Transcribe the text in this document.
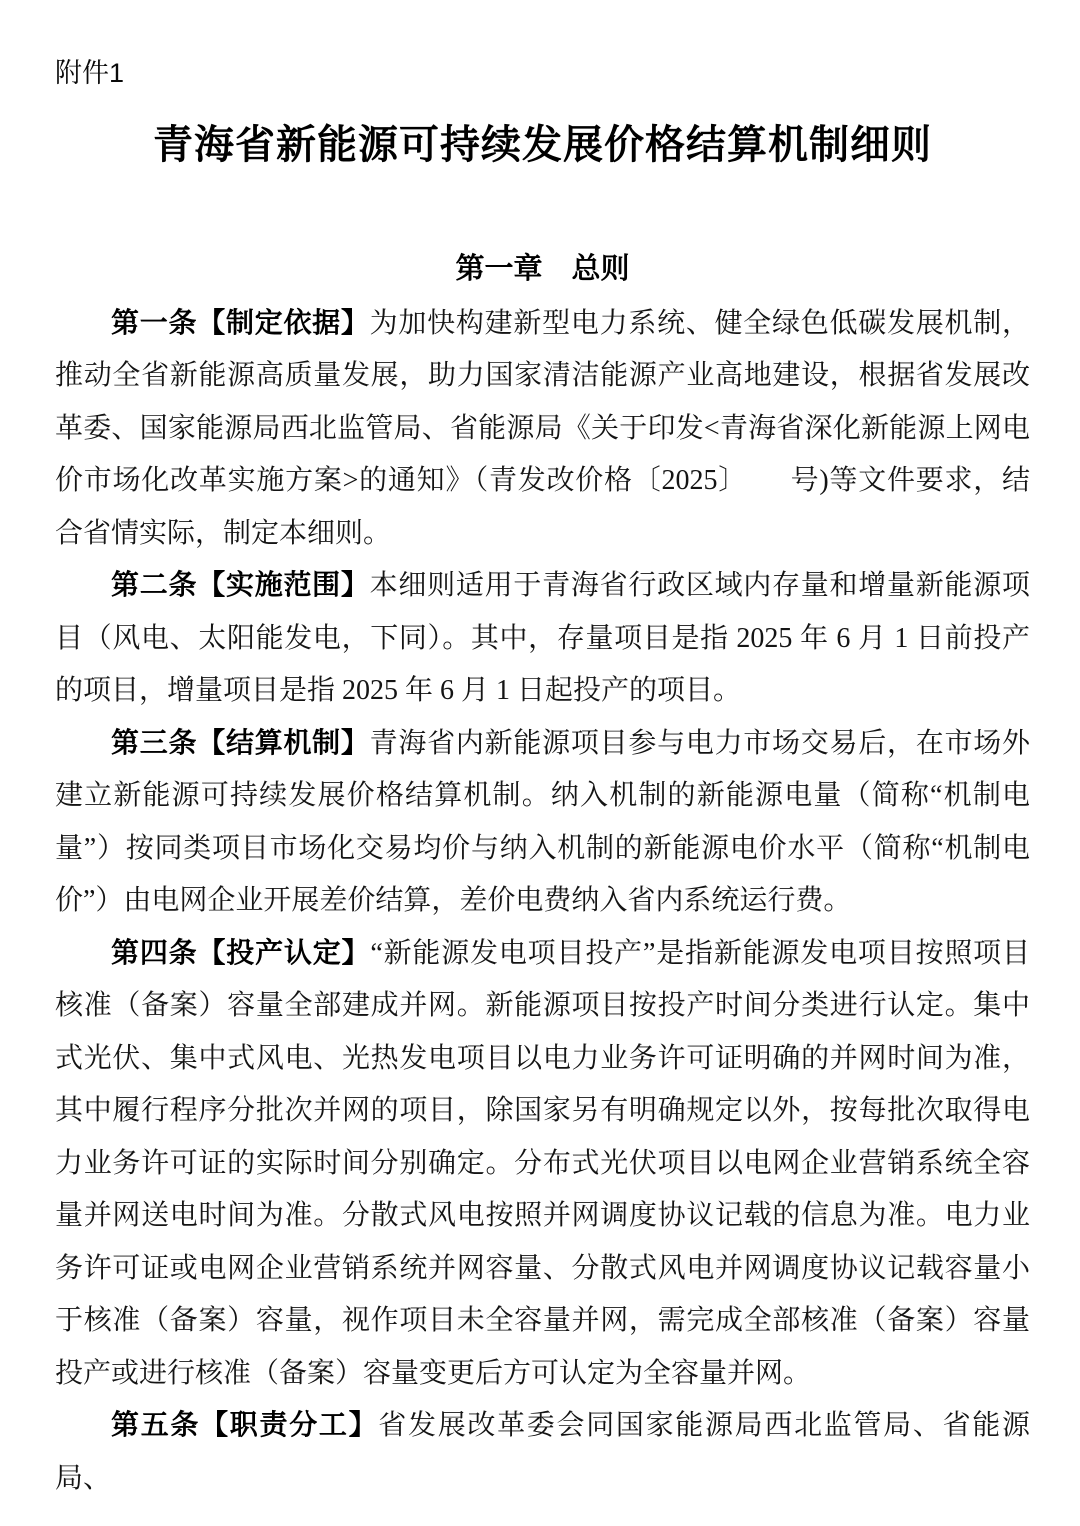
附件1
青海省新能源可持续发展价格结算机制细则
第一章　总则

第一条【制定依据】为加快构建新型电力系统、健全绿色低碳发展机制，推动全省新能源高质量发展，助力国家清洁能源产业高地建设，根据省发展改革委、国家能源局西北监管局、省能源局《关于印发<青海省深化新能源上网电价市场化改革实施方案>的通知》（青发改价格〔2025〕　　号)等文件要求，结合省情实际，制定本细则。

第二条【实施范围】本细则适用于青海省行政区域内存量和增量新能源项目（风电、太阳能发电，下同）。其中，存量项目是指 2025 年 6 月 1 日前投产的项目，增量项目是指 2025 年 6 月 1 日起投产的项目。

第三条【结算机制】青海省内新能源项目参与电力市场交易后，在市场外建立新能源可持续发展价格结算机制。纳入机制的新能源电量（简称“机制电量”）按同类项目市场化交易均价与纳入机制的新能源电价水平（简称“机制电价”）由电网企业开展差价结算，差价电费纳入省内系统运行费。

第四条【投产认定】“新能源发电项目投产”是指新能源发电项目按照项目核准（备案）容量全部建成并网。新能源项目按投产时间分类进行认定。集中式光伏、集中式风电、光热发电项目以电力业务许可证明确的并网时间为准，其中履行程序分批次并网的项目，除国家另有明确规定以外，按每批次取得电力业务许可证的实际时间分别确定。分布式光伏项目以电网企业营销系统全容量并网送电时间为准。分散式风电按照并网调度协议记载的信息为准。电力业务许可证或电网企业营销系统并网容量、分散式风电并网调度协议记载容量小于核准（备案）容量，视作项目未全容量并网，需完成全部核准（备案）容量投产或进行核准（备案）容量变更后方可认定为全容量并网。

第五条【职责分工】省发展改革委会同国家能源局西北监管局、省能源局、
